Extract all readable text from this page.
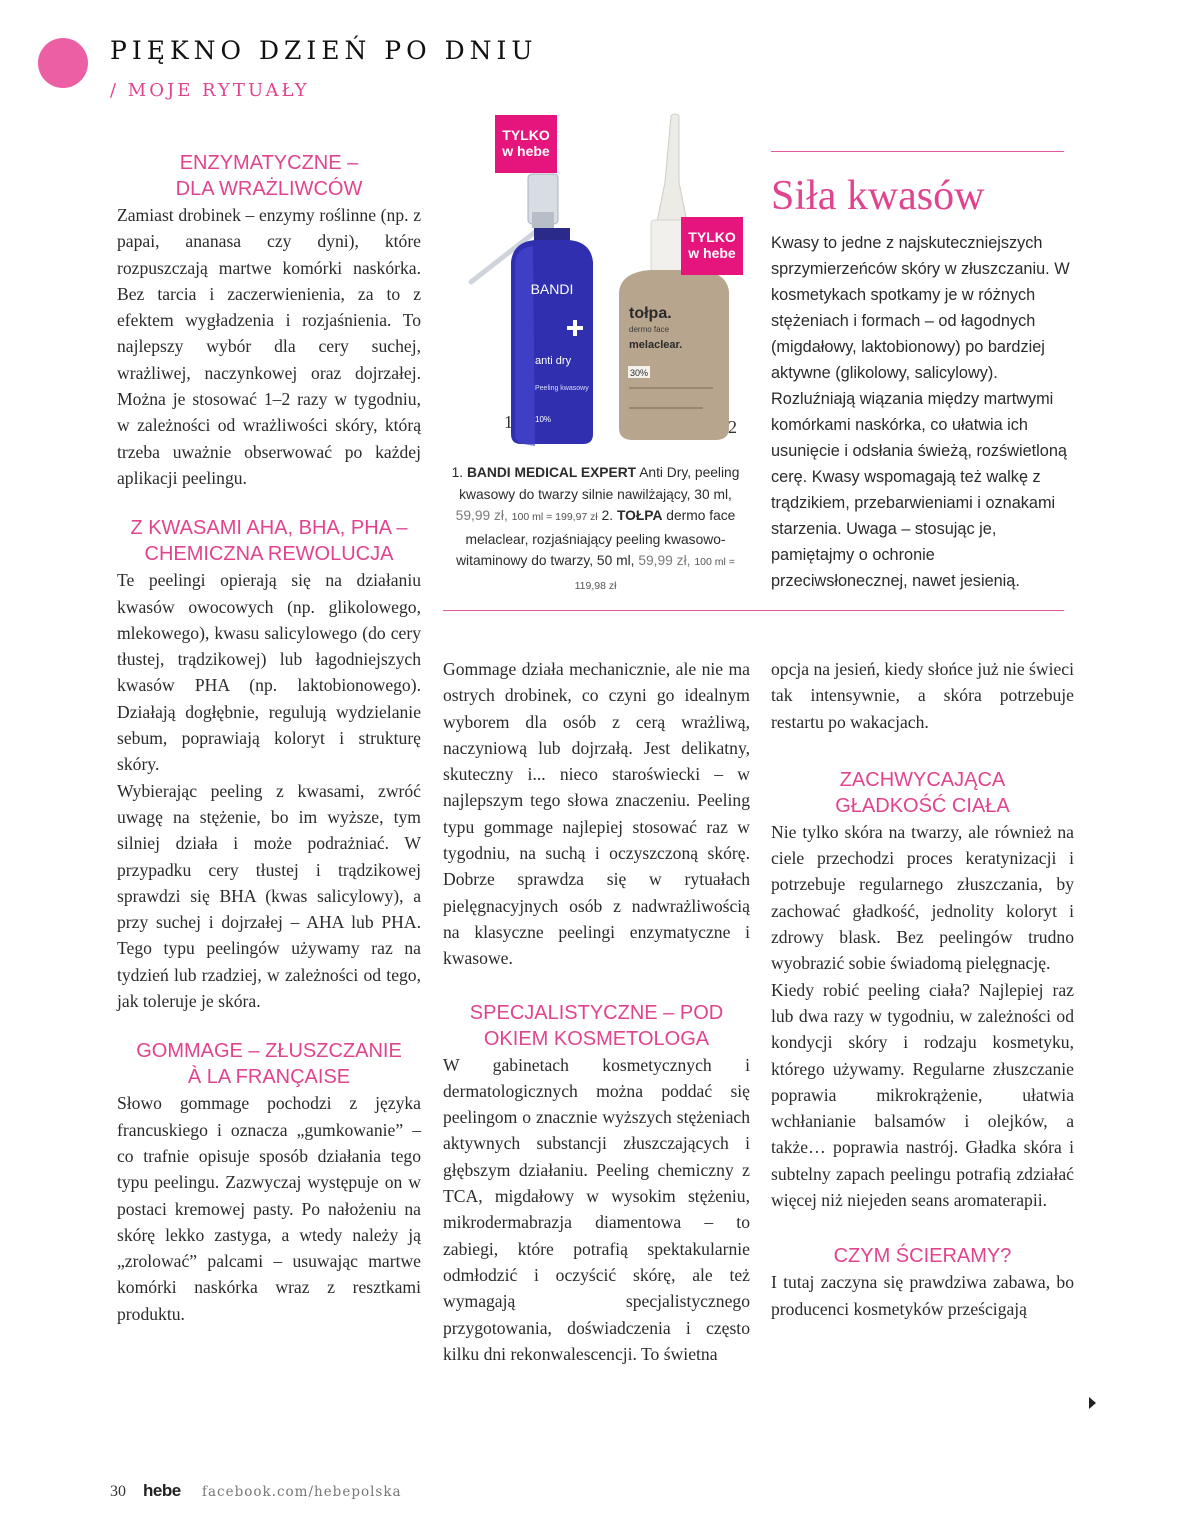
PIĘKNO DZIEŃ PO DNIU
/ MOJE RYTUAŁY
ENZYMATYCZNE –
DLA WRAŻLIWCÓW

Zamiast drobinek – enzymy roślinne (np. z papai, ananasa czy dyni), które rozpuszczają martwe komórki naskórka. Bez tarcia i zaczerwienienia, za to z efektem wygładzenia i rozjaśnienia. To najlepszy wybór dla cery suchej, wrażliwej, naczynkowej oraz dojrzałej. Można je stosować 1–2 razy w tygodniu, w zależności od wrażliwości skóry, którą trzeba uważnie obserwować po każdej aplikacji peelingu.

Z KWASAMI AHA, BHA, PHA –
CHEMICZNA REWOLUCJA

Te peelingi opierają się na działaniu kwasów owocowych (np. glikolowego, mlekowego), kwasu salicylowego (do cery tłustej, trądzikowej) lub łagodniejszych kwasów PHA (np. laktobionowego). Działają dogłębnie, regulują wydzielanie sebum, poprawiają koloryt i strukturę skóry.

Wybierając peeling z kwasami, zwróć uwagę na stężenie, bo im wyższe, tym silniej działa i może podrażniać. W przypadku cery tłustej i trądzikowej sprawdzi się BHA (kwas salicylowy), a przy suchej i dojrzałej – AHA lub PHA. Tego typu peelingów używamy raz na tydzień lub rzadziej, w zależności od tego, jak toleruje je skóra.

GOMMAGE – ZŁUSZCZANIE
À LA FRANÇAISE

Słowo gommage pochodzi z języka francuskiego i oznacza „gumkowanie” – co trafnie opisuje sposób działania tego typu peelingu. Zazwyczaj występuje on w postaci kremowej pasty. Po nałożeniu na skórę lekko zastyga, a wtedy należy ją „zrolować” palcami – usuwając martwe komórki naskórka wraz z resztkami produktu.

BANDI
anti dry
Peeling kwasowy
10%
tołpa.
dermo face
melaclear.
30%
TYLKO
w hebe
TYLKO
w hebe
1	2
1. BANDI MEDICAL EXPERT Anti Dry, peeling kwasowy do twarzy silnie nawilżający, 30 ml, 59,99 zł, 100 ml = 199,97 zł 2. TOŁPA dermo face melaclear, rozjaśniający peeling kwasowo-witaminowy do twarzy, 50 ml, 59,99 zł, 100 ml = 119,98 zł
Siła kwasów
Kwasy to jedne z najskuteczniejszych sprzymierzeńców skóry w złuszczaniu. W kosmetykach spotkamy je w różnych stężeniach i formach – od łagodnych (migdałowy, laktobionowy) po bardziej aktywne (glikolowy, salicylowy). Rozluźniają wiązania między martwymi komórkami naskórka, co ułatwia ich usunięcie i odsłania świeżą, rozświetloną cerę. Kwasy wspomagają też walkę z trądzikiem, przebarwieniami i oznakami starzenia. Uwaga – stosując je, pamiętajmy o ochronie przeciwsłonecznej, nawet jesienią.

Gommage działa mechanicznie, ale nie ma ostrych drobinek, co czyni go idealnym wyborem dla osób z cerą wrażliwą, naczyniową lub dojrzałą. Jest delikatny, skuteczny i... nieco staroświecki – w najlepszym tego słowa znaczeniu. Peeling typu gommage najlepiej stosować raz w tygodniu, na suchą i oczyszczoną skórę. Dobrze sprawdza się w rytuałach pielęgnacyjnych osób z nadwrażliwością na klasyczne peelingi enzymatyczne i kwasowe.

SPECJALISTYCZNE – POD
OKIEM KOSMETOLOGA

W gabinetach kosmetycznych i dermatologicznych można poddać się peelingom o znacznie wyższych stężeniach aktywnych substancji złuszczających i głębszym działaniu. Peeling chemiczny z TCA, migdałowy w wysokim stężeniu, mikrodermabrazja diamentowa – to zabiegi, które potrafią spektakularnie odmłodzić i oczyścić skórę, ale też wymagają specjalistycznego przygotowania, doświadczenia i często kilku dni rekonwalescencji. To świetna

opcja na jesień, kiedy słońce już nie świeci tak intensywnie, a skóra potrzebuje restartu po wakacjach.

ZACHWYCAJĄCA
GŁADKOŚĆ CIAŁA

Nie tylko skóra na twarzy, ale również na ciele przechodzi proces keratynizacji i potrzebuje regularnego złuszczania, by zachować gładkość, jednolity koloryt i zdrowy blask. Bez peelingów trudno wyobrazić sobie świadomą pielęgnację.

Kiedy robić peeling ciała? Najlepiej raz lub dwa razy w tygodniu, w zależności od kondycji skóry i rodzaju kosmetyku, którego używamy. Regularne złuszczanie poprawia mikrokrążenie, ułatwia wchłanianie balsamów i olejków, a także… poprawia nastrój. Gładka skóra i subtelny zapach peelingu potrafią zdziałać więcej niż niejeden seans aromaterapii.

CZYM ŚCIERAMY?

I tutaj zaczyna się prawdziwa zabawa, bo producenci kosmetyków prześcigają

30 hebe facebook.com/hebepolska
